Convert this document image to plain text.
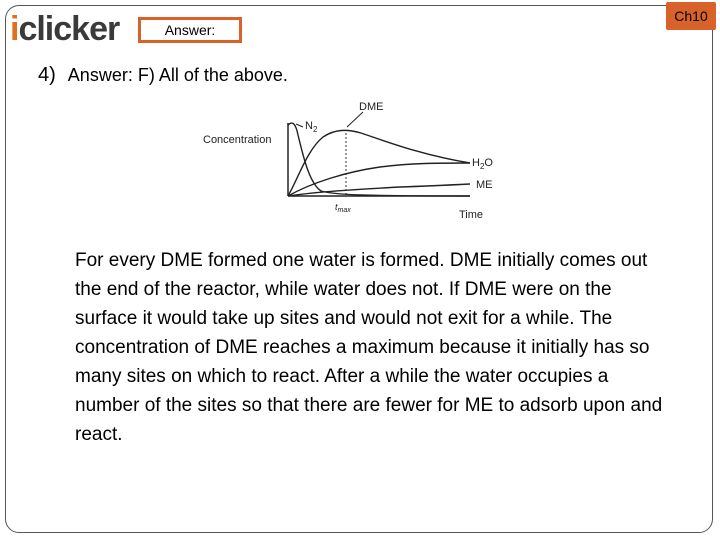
iclicker	Answer:
Ch10
4) Answer: F) All of the above.
Concentration
Time
$t_{max}$
$N_2$
DME
$H_2O$
ME

For every DME formed one water is formed. DME initially comes out the end of the reactor, while water does not. If DME were on the surface it would take up sites and would not exit for a while. The concentration of DME reaches a maximum because it initially has so many sites on which to react. After a while the water occupies a number of the sites so that there are fewer for ME to adsorb upon and react.
